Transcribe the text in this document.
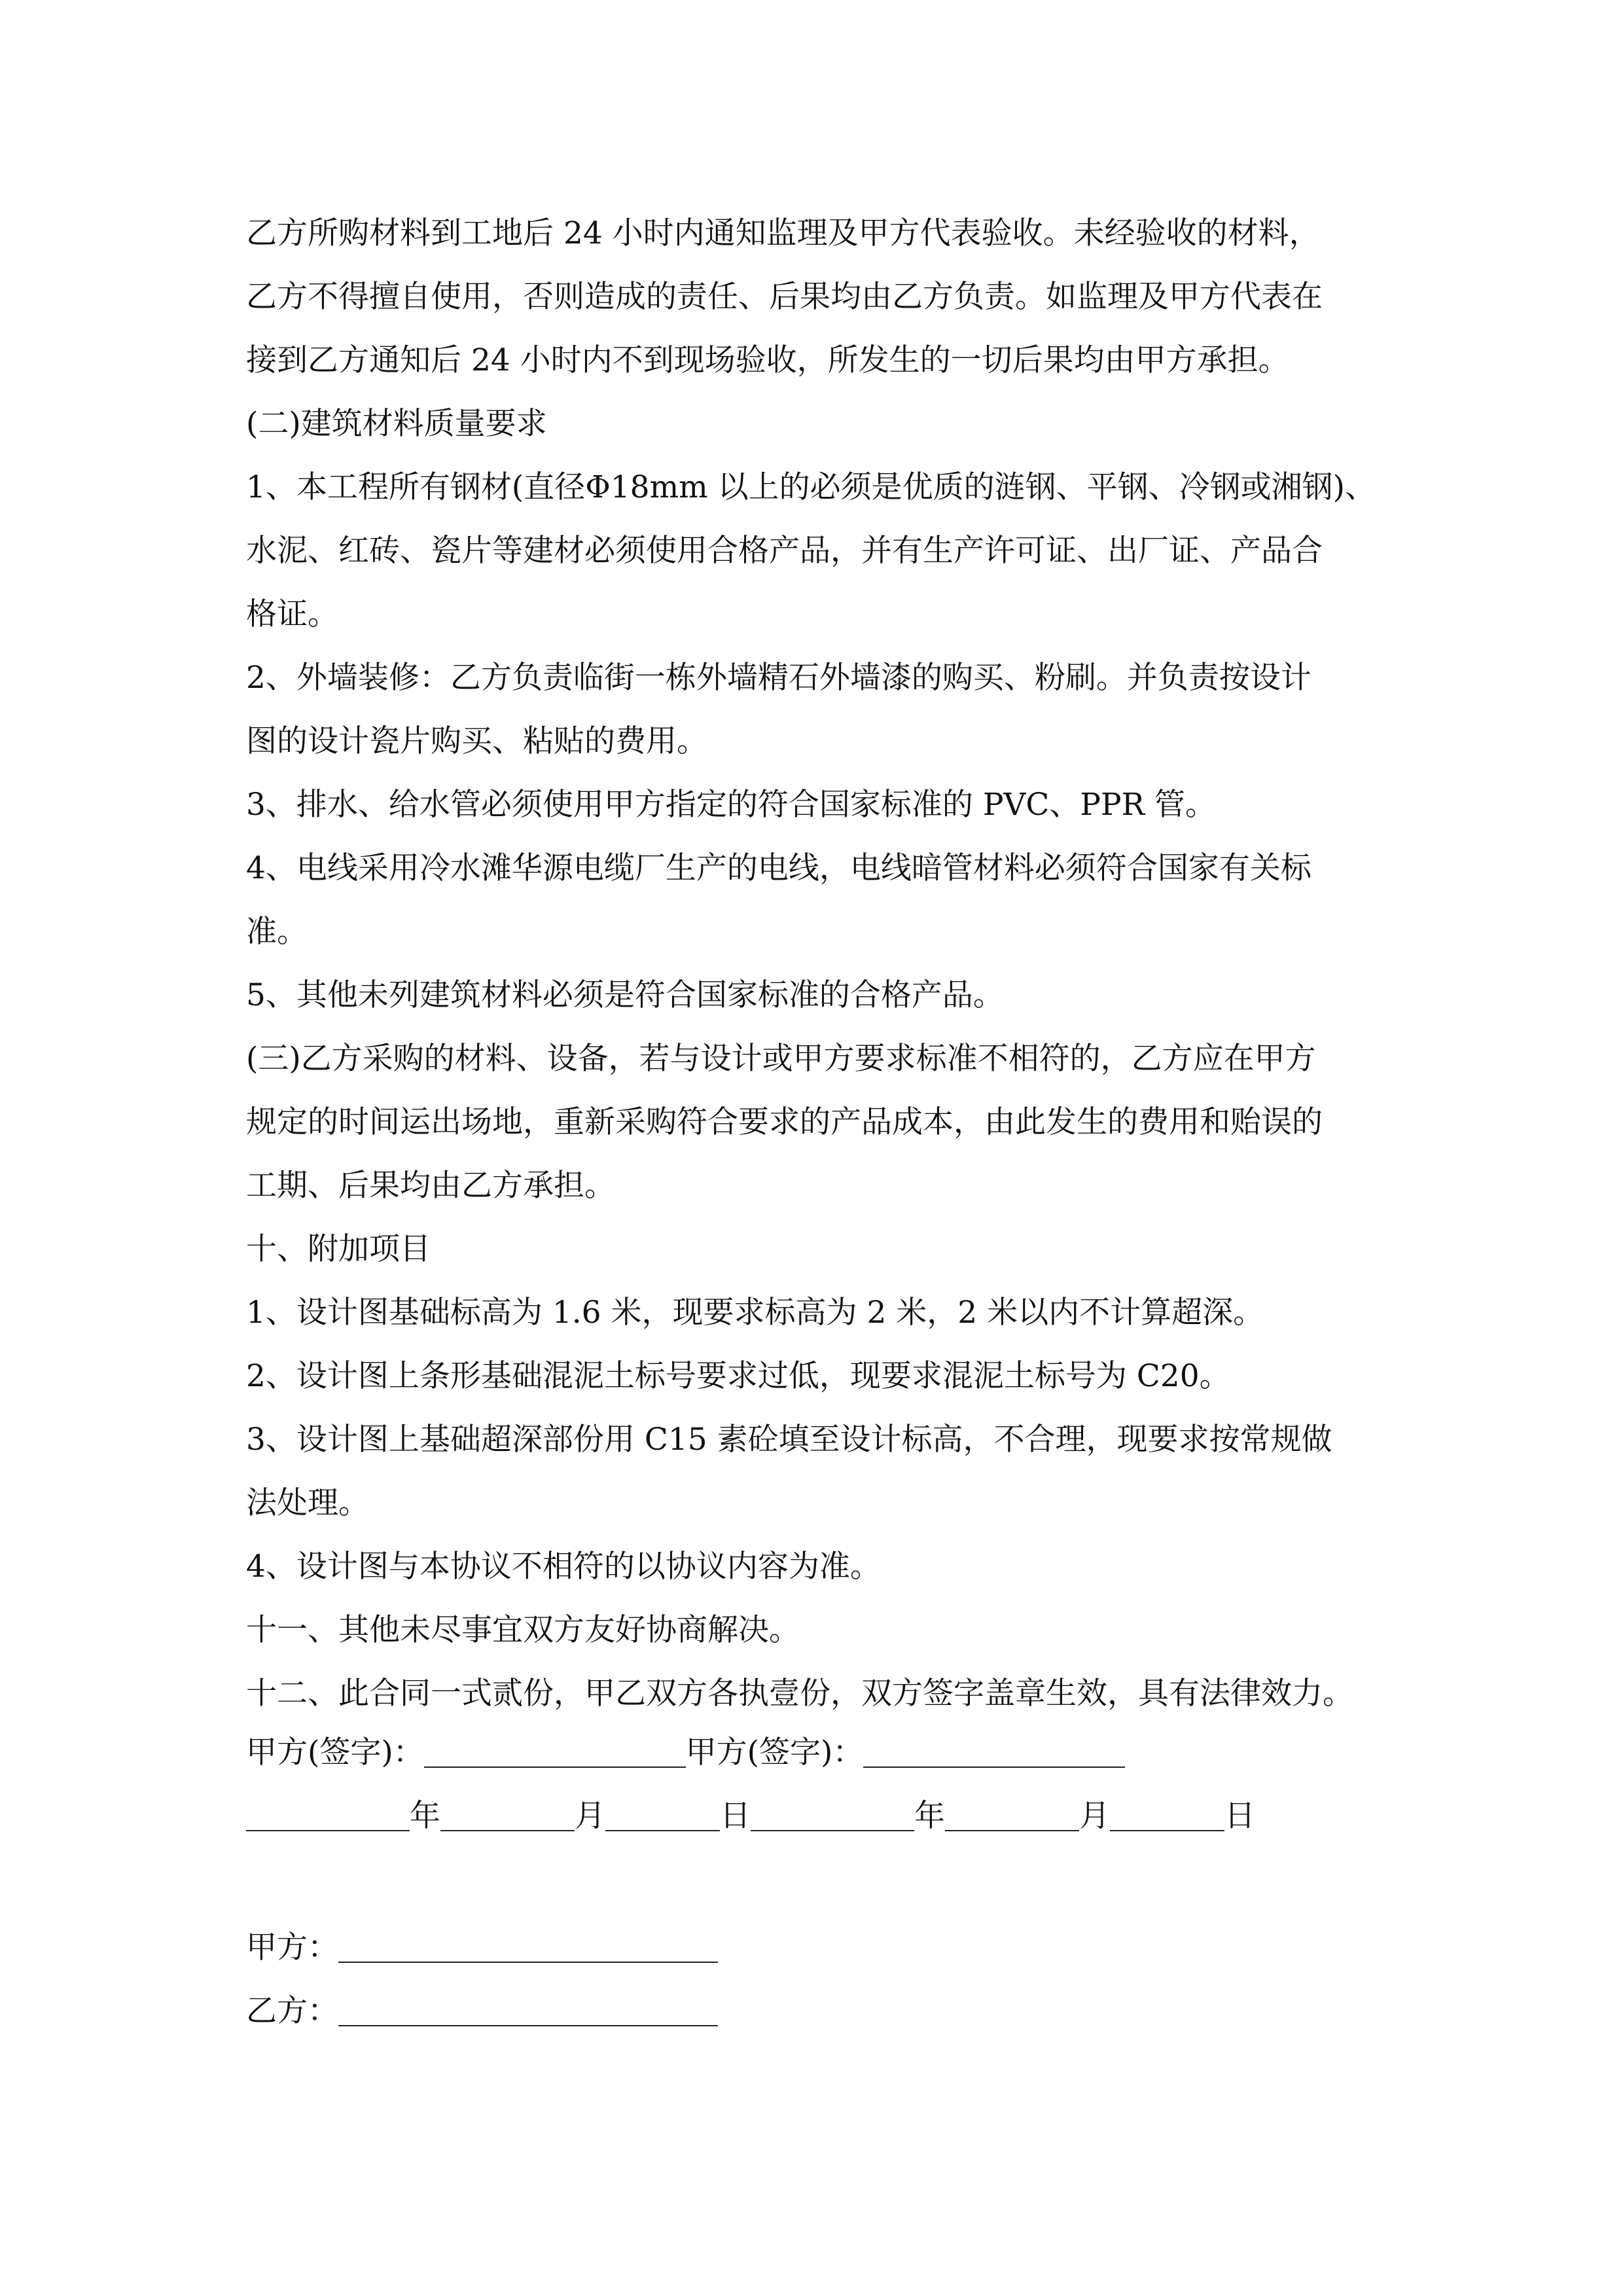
乙方所购材料到工地后 24 小时内通知监理及甲方代表验收。未经验收的材料，
乙方不得擅自使用，否则造成的责任、后果均由乙方负责。如监理及甲方代表在
接到乙方通知后 24 小时内不到现场验收，所发生的一切后果均由甲方承担。
(二)建筑材料质量要求
1、本工程所有钢材(直径Φ18mm 以上的必须是优质的涟钢、平钢、冷钢或湘钢)、
水泥、红砖、瓷片等建材必须使用合格产品，并有生产许可证、出厂证、产品合
格证。
2、外墙装修：乙方负责临街一栋外墙精石外墙漆的购买、粉刷。并负责按设计
图的设计瓷片购买、粘贴的费用。
3、排水、给水管必须使用甲方指定的符合国家标准的 PVC、PPR 管。
4、电线采用冷水滩华源电缆厂生产的电线，电线暗管材料必须符合国家有关标
准。
5、其他未列建筑材料必须是符合国家标准的合格产品。
(三)乙方采购的材料、设备，若与设计或甲方要求标准不相符的，乙方应在甲方
规定的时间运出场地，重新采购符合要求的产品成本，由此发生的费用和贻误的
工期、后果均由乙方承担。
十、附加项目
1、设计图基础标高为 1.6 米，现要求标高为 2 米，2 米以内不计算超深。
2、设计图上条形基础混泥土标号要求过低，现要求混泥土标号为 C20。
3、设计图上基础超深部份用 C15 素砼填至设计标高，不合理，现要求按常规做
法处理。
4、设计图与本协议不相符的以协议内容为准。
十一、其他未尽事宜双方友好协商解决。
十二、此合同一式贰份，甲乙双方各执壹份，双方签字盖章生效，具有法律效力。
甲方(签字)：	甲方(签字)：
年	月	日	年	月	日
甲方：
乙方：
